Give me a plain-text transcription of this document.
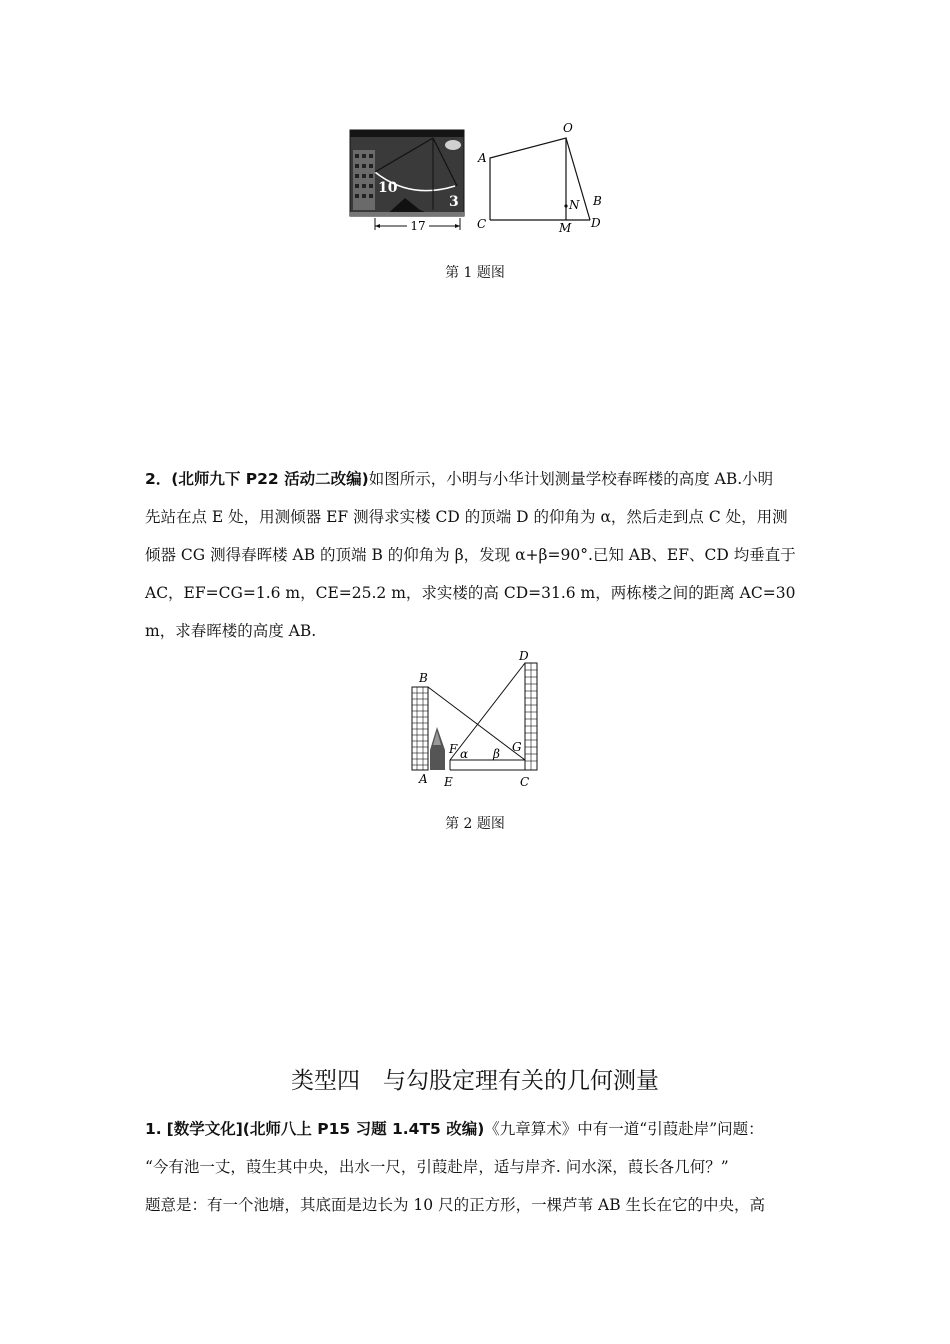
10
3
17
O
A
B
N
C	M D
第 1 题图
2．(北师九下 P22 活动二改编)如图所示，小明与小华计划测量学校春晖楼的高度 AB.小明
先站在点 E 处，用测倾器 EF 测得求实楼 CD 的顶端 D 的仰角为 α，然后走到点 C 处，用测
倾器 CG 测得春晖楼 AB 的顶端 B 的仰角为 β，发现 α+β=90°.已知 AB、EF、CD 均垂直于
AC，EF=CG=1.6 m，CE=25.2 m，求实楼的高 CD=31.6 m，两栋楼之间的距离 AC=30
m，求春晖楼的高度 AB.
B
D
F	G
α β
A E	C
第 2 题图
类型四　与勾股定理有关的几何测量
1. [数学文化](北师八上 P15 习题 1.4T5 改编)《九章算术》中有一道“引葭赴岸”问题：
“今有池一丈，葭生其中央，出水一尺，引葭赴岸，适与岸齐. 问水深，葭长各几何？”
题意是：有一个池塘，其底面是边长为 10 尺的正方形，一棵芦苇 AB 生长在它的中央，高
